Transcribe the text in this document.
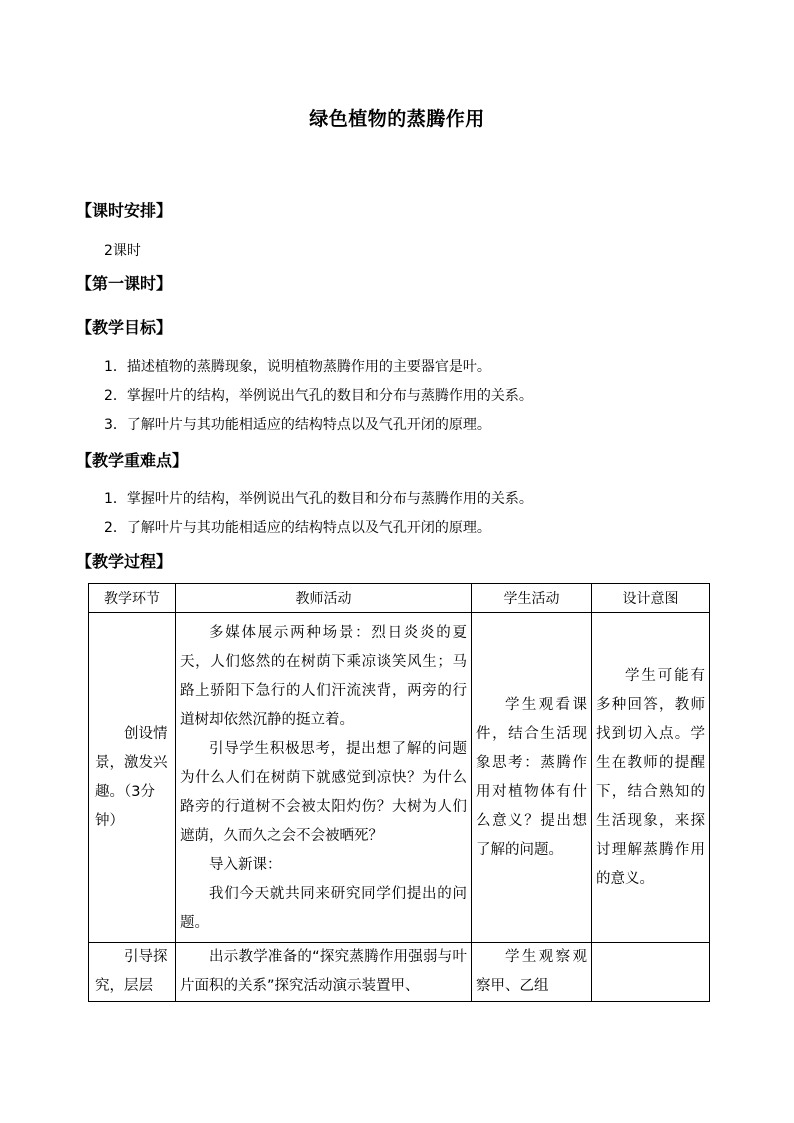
绿色植物的蒸腾作用
【课时安排】
2课时
【第一课时】
【教学目标】
1．描述植物的蒸腾现象，说明植物蒸腾作用的主要器官是叶。
2．掌握叶片的结构，举例说出气孔的数目和分布与蒸腾作用的关系。
3．了解叶片与其功能相适应的结构特点以及气孔开闭的原理。
【教学重难点】
1．掌握叶片的结构，举例说出气孔的数目和分布与蒸腾作用的关系。
2．了解叶片与其功能相适应的结构特点以及气孔开闭的原理。
【教学过程】
教学环节	教师活动	学生活动	设计意图

创设情景，激发兴趣。（3分钟）	多媒体展示两种场景：烈日炎炎的夏天，人们悠然的在树荫下乘凉谈笑风生；马路上骄阳下急行的人们汗流浃背，两旁的行道树却依然沉静的挺立着。
引导学生积极思考，提出想了解的问题 为什么人们在树荫下就感觉到凉快？为什么路旁的行道树不会被太阳灼伤？大树为人们遮荫，久而久之会不会被晒死？
导入新课：
我们今天就共同来研究同学们提出的问题。	学生观看课件，结合生活现象思考：蒸腾作用对植物体有什么意义？提出想了解的问题。	学生可能有多种回答，教师找到切入点。学生在教师的提醒下，结合熟知的生活现象，来探讨理解蒸腾作用的意义。

引导探究，层层	出示教学准备的“探究蒸腾作用强弱与叶片面积的关系”探究活动演示装置甲、	学生观察观察甲、乙组	
